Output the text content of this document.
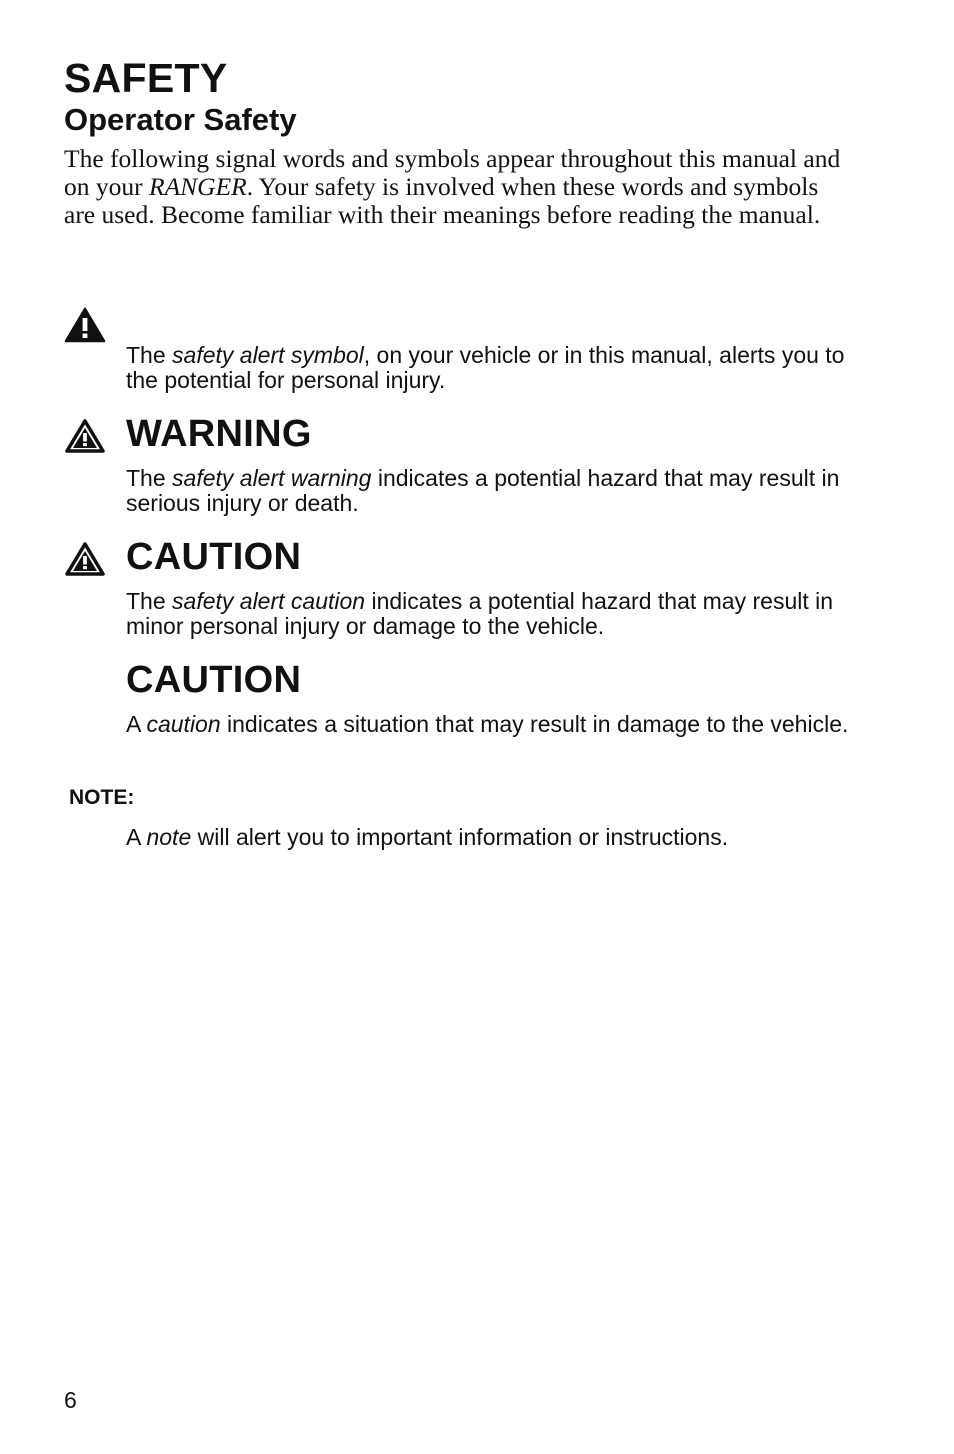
SAFETY
Operator Safety

The following signal words and symbols appear throughout this manual and on your RANGER. Your safety is involved when these words and symbols are used. Become familiar with their meanings before reading the manual.

The safety alert symbol, on your vehicle or in this manual, alerts you to the potential for personal injury.

WARNING

The safety alert warning indicates a potential hazard that may result in serious injury or death.

CAUTION

The safety alert caution indicates a potential hazard that may result in minor personal injury or damage to the vehicle.

CAUTION

A caution indicates a situation that may result in damage to the vehicle.

NOTE:

A note will alert you to important information or instructions.

6
